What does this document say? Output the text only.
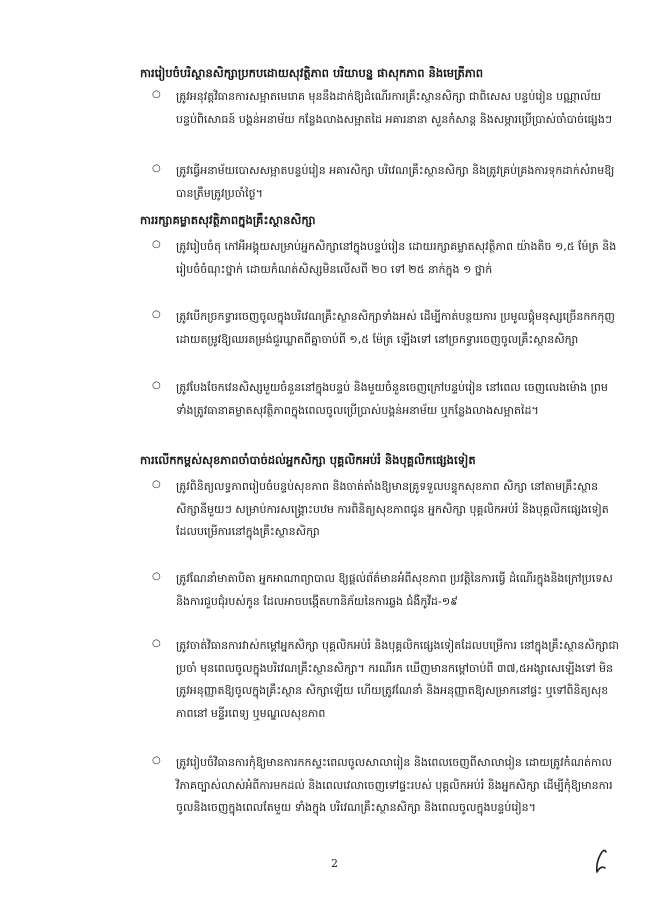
ការរៀបចំបរិស្ថានសិក្សាប្រកបដោយសុវត្ថិភាព បរិយាបន្ន ផាសុកភាព និងមេត្រីភាព
○ ត្រូវអនុវត្តវិធានការសម្អាតមេរោគ មុននឹងដាក់ឱ្យដំណើរការគ្រឹះស្ថានសិក្សា ជាពិសេស បន្ទប់រៀន បណ្ណាល័យ បន្ទប់ពិសោធន៍ បង្គន់អនាម័យ កន្លែងលាងសម្អាតដៃ អគារនានា សួនកំសាន្ត និងសម្ភារប្រើប្រាស់ចាំបាច់ផ្សេងៗ
○ ត្រូវធ្វើអនាម័យបោសសម្អាតបន្ទប់រៀន អគារសិក្សា បរិវេណគ្រឹះស្ថានសិក្សា និងត្រូវគ្រប់គ្រងការទុកដាក់សំរាមឱ្យបានត្រឹមត្រូវប្រចាំថ្ងៃ។
ការរក្សាគម្លាតសុវត្ថិភាពក្នុងគ្រឹះស្ថានសិក្សា
○ ត្រូវរៀបចំតុ កៅអីអង្គុយសម្រាប់អ្នកសិក្សានៅក្នុងបន្ទប់រៀន ដោយរក្សាគម្លាតសុវត្ថិភាព យ៉ាងតិច ១,៥ ម៉ែត្រ និងរៀបចំចំណុះថ្នាក់ ដោយកំណត់សិស្សមិនលើសពី ២០ ទៅ ២៥ នាក់ក្នុង ១ ថ្នាក់
○ ត្រូវបើកច្រកទ្វារចេញចូលក្នុងបរិវេណគ្រឹះស្ថានសិក្សាទាំងអស់ ដើម្បីកាត់បន្ថយការ ប្រមូលផ្តុំមនុស្សច្រើនកកកុញ ដោយតម្រូវឱ្យឈរតម្រង់ជួរឃ្លាតពីគ្នាចាប់ពី ១,៥ ម៉ែត្រ ឡើងទៅ នៅច្រកទ្វារចេញចូលគ្រឹះស្ថានសិក្សា
○ ត្រូវបែងចែកវេនសិស្សមួយចំនួននៅក្នុងបន្ទប់ និងមួយចំនួនចេញក្រៅបន្ទប់រៀន នៅពេល ចេញលេងម៉ោង ព្រមទាំងត្រូវធានាគម្លាតសុវត្ថិភាពក្នុងពេលចូលប្រើប្រាស់បង្គន់អនាម័យ ឬកន្លែងលាងសម្អាតដៃ។
ការលើកកម្ពស់សុខភាពចាំបាច់ដល់អ្នកសិក្សា បុគ្គលិកអប់រំ និងបុគ្គលិកផ្សេងទៀត
○ ត្រូវពិនិត្យលទ្ធភាពរៀបចំបន្ទប់សុខភាព និងចាត់តាំងឱ្យមានគ្រូទទួលបន្ទុកសុខភាព សិក្សា នៅតាមគ្រឹះស្ថានសិក្សានីមួយៗ សម្រាប់ការសង្គ្រោះបឋម ការពិនិត្យសុខភាពជូន អ្នកសិក្សា បុគ្គលិកអប់រំ និងបុគ្គលិកផ្សេងទៀត ដែលបម្រើការនៅក្នុងគ្រឹះស្ថានសិក្សា
○ ត្រូវណែនាំមាតាបិតា អ្នកអាណាព្យាបាល ឱ្យផ្តល់ព័ត៌មានអំពីសុខភាព ប្រវត្តិនៃការធ្វើ ដំណើរក្នុងនិងក្រៅប្រទេស និងការជួបជុំរបស់កូន ដែលអាចបង្កើតហានិភ័យនៃការឆ្លង ជំងឺកូវីដ-១៩
○ ត្រូវចាត់វិធានការវាស់កម្តៅអ្នកសិក្សា បុគ្គលិកអប់រំ និងបុគ្គលិកផ្សេងទៀតដែលបម្រើការ នៅក្នុងគ្រឹះស្ថានសិក្សាជាប្រចាំ មុនពេលចូលក្នុងបរិវេណគ្រឹះស្ថានសិក្សា។ ករណីរក ឃើញមានកម្តៅចាប់ពី ៣៧,៥អង្សាសេឡើងទៅ មិនត្រូវអនុញ្ញាតឱ្យចូលក្នុងគ្រឹះស្ថាន សិក្សាឡើយ ហើយត្រូវណែនាំ និងអនុញ្ញាតឱ្យសម្រាកនៅផ្ទះ ឬទៅពិនិត្យសុខភាពនៅ មន្ទីរពេទ្យ ឬមណ្ឌលសុខភាព
○ ត្រូវរៀបចំវិធានការកុំឱ្យមានការកកស្ទះពេលចូលសាលារៀន និងពេលចេញពីសាលារៀន ដោយត្រូវកំណត់កាលវិភាគច្បាស់លាស់អំពីការមកដល់ និងពេលវេលាចេញទៅផ្ទះរបស់ បុគ្គលិកអប់រំ និងអ្នកសិក្សា ដើម្បីកុំឱ្យមានការចូលនិងចេញក្នុងពេលតែមួយ ទាំងក្នុង បរិវេណគ្រឹះស្ថានសិក្សា និងពេលចូលក្នុងបន្ទប់រៀន។
2
